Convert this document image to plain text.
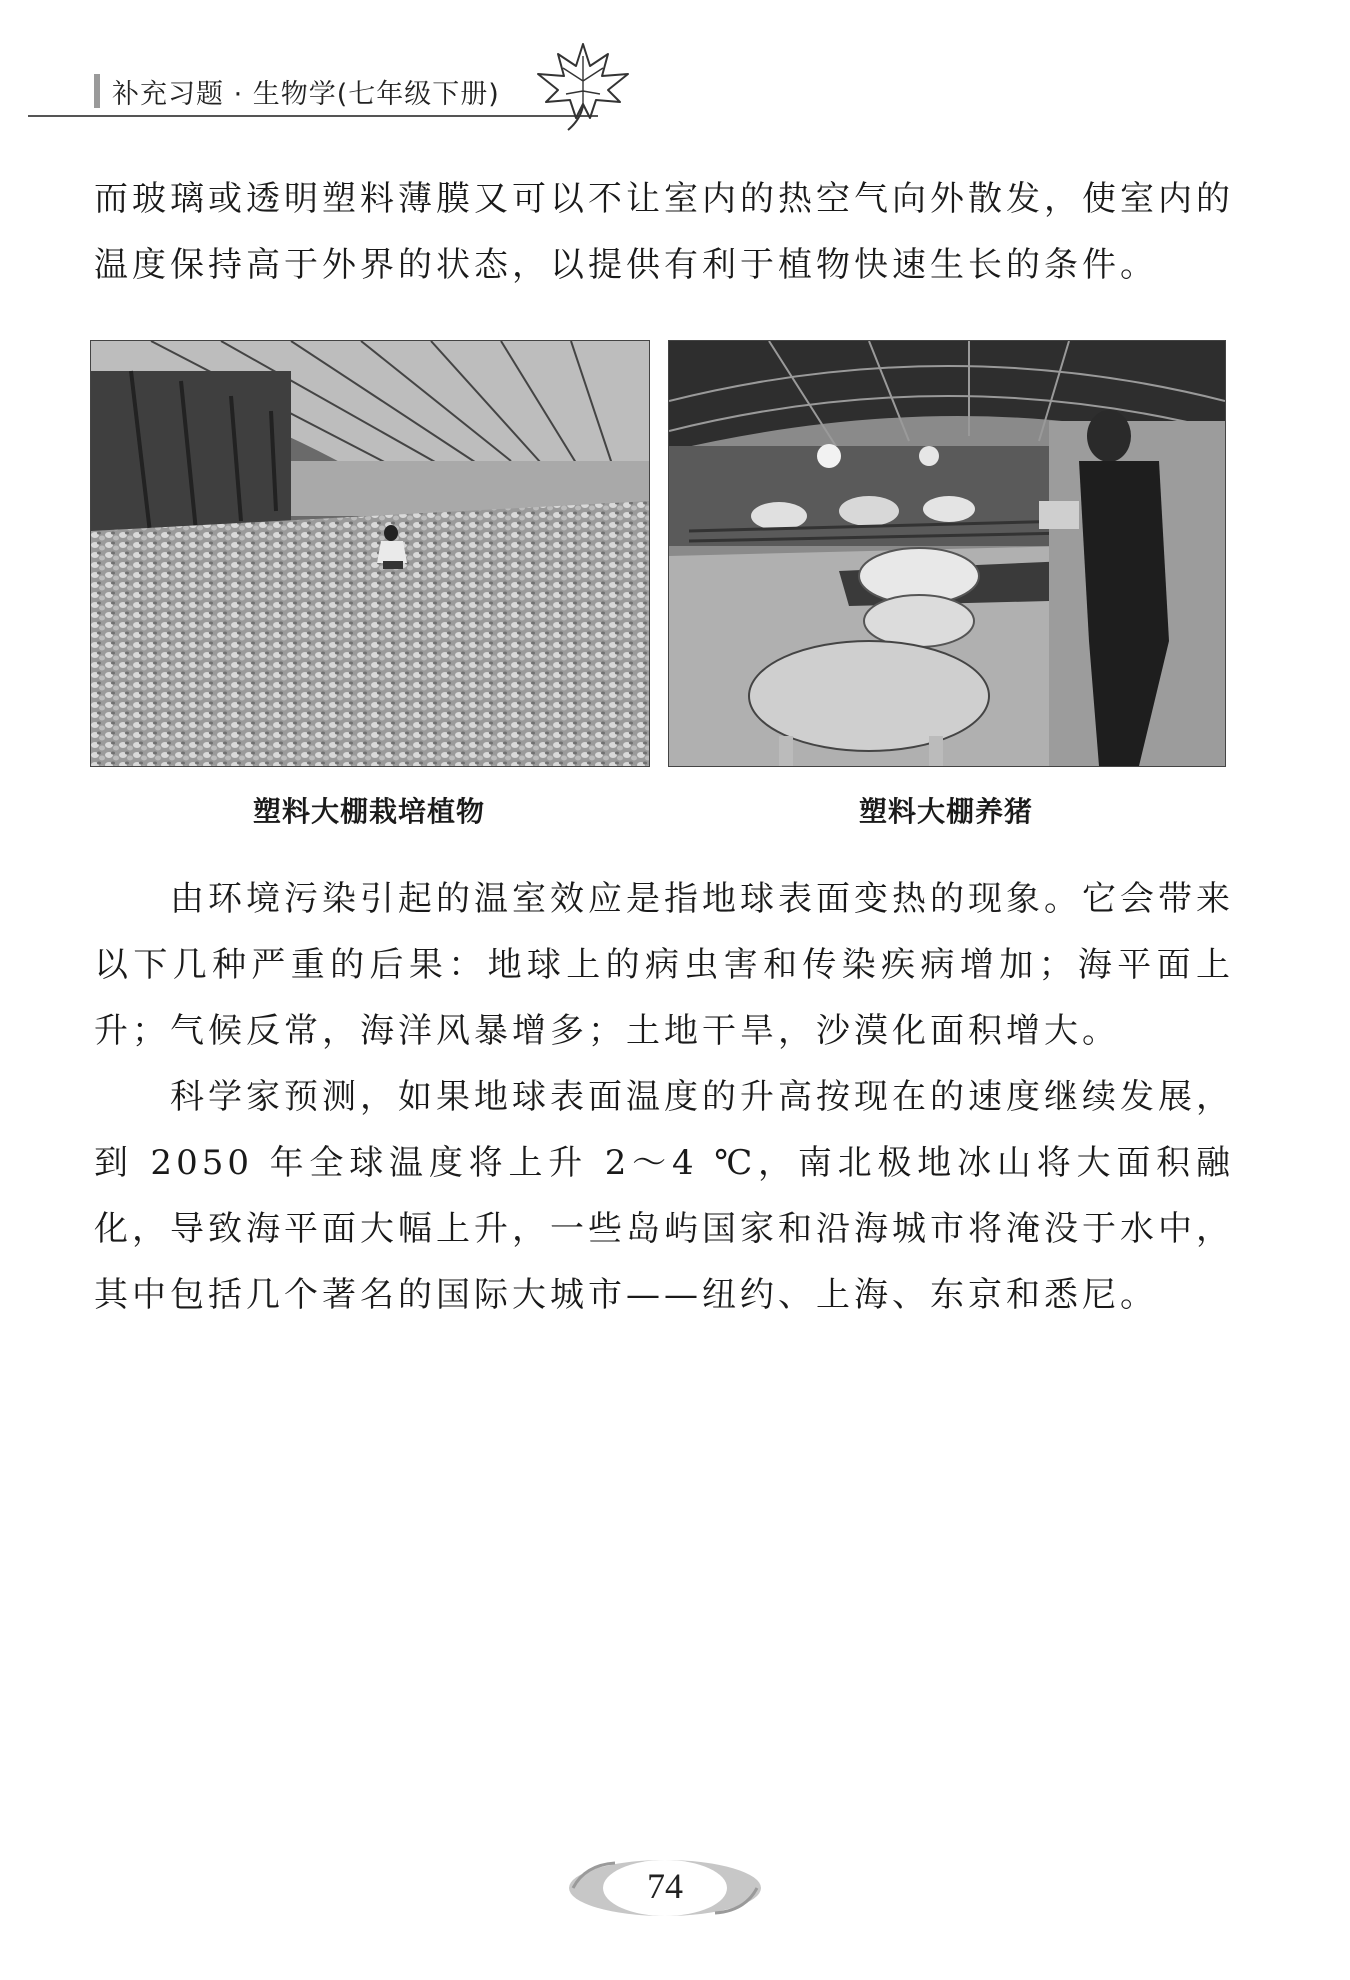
补充习题 · 生物学(七年级下册)

而玻璃或透明塑料薄膜又可以不让室内的热空气向外散发，使室内的温度保持高于外界的状态，以提供有利于植物快速生长的条件。

塑料大棚栽培植物	塑料大棚养猪

由环境污染引起的温室效应是指地球表面变热的现象。它会带来以下几种严重的后果：地球上的病虫害和传染疾病增加；海平面上升；气候反常，海洋风暴增多；土地干旱，沙漠化面积增大。

科学家预测，如果地球表面温度的升高按现在的速度继续发展，到 2050 年全球温度将上升 2～4 ℃，南北极地冰山将大面积融化，导致海平面大幅上升，一些岛屿国家和沿海城市将淹没于水中，其中包括几个著名的国际大城市——纽约、上海、东京和悉尼。

74
